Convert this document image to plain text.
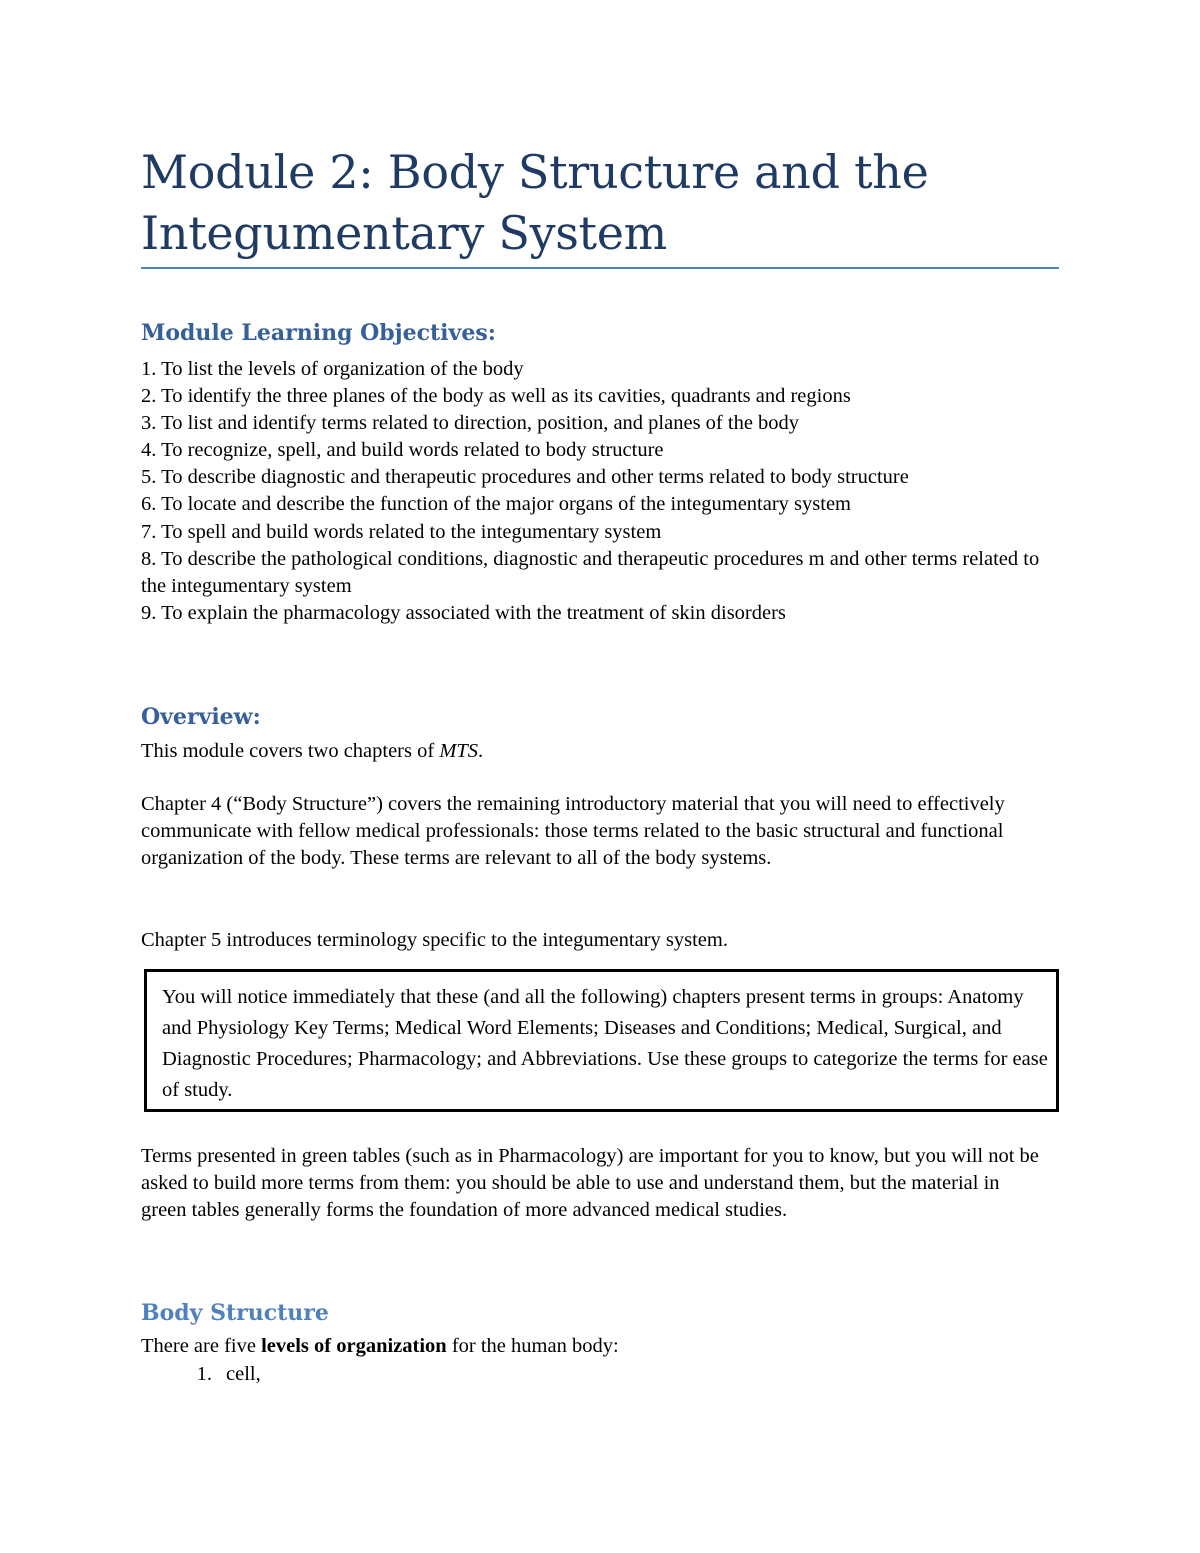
Module 2: Body Structure and the
Integumentary System
Module Learning Objectives:
1. To list the levels of organization of the body
2. To identify the three planes of the body as well as its cavities, quadrants and regions
3. To list and identify terms related to direction, position, and planes of the body
4. To recognize, spell, and build words related to body structure
5. To describe diagnostic and therapeutic procedures and other terms related to body structure
6. To locate and describe the function of the major organs of the integumentary system
7. To spell and build words related to the integumentary system
8. To describe the pathological conditions, diagnostic and therapeutic procedures m and other terms related to the integumentary system
9. To explain the pharmacology associated with the treatment of skin disorders
Overview:

This module covers two chapters of MTS.

Chapter 4 (“Body Structure”) covers the remaining introductory material that you will need to effectively communicate with fellow medical professionals: those terms related to the basic structural and functional organization of the body. These terms are relevant to all of the body systems.

Chapter 5 introduces terminology specific to the integumentary system.

You will notice immediately that these (and all the following) chapters present terms in groups: Anatomy and Physiology Key Terms; Medical Word Elements; Diseases and Conditions; Medical, Surgical, and Diagnostic Procedures; Pharmacology; and Abbreviations. Use these groups to categorize the terms for ease of study.

Terms presented in green tables (such as in Pharmacology) are important for you to know, but you will not be asked to build more terms from them: you should be able to use and understand them, but the material in green tables generally forms the foundation of more advanced medical studies.

Body Structure

There are five levels of organization for the human body:

1. cell,
